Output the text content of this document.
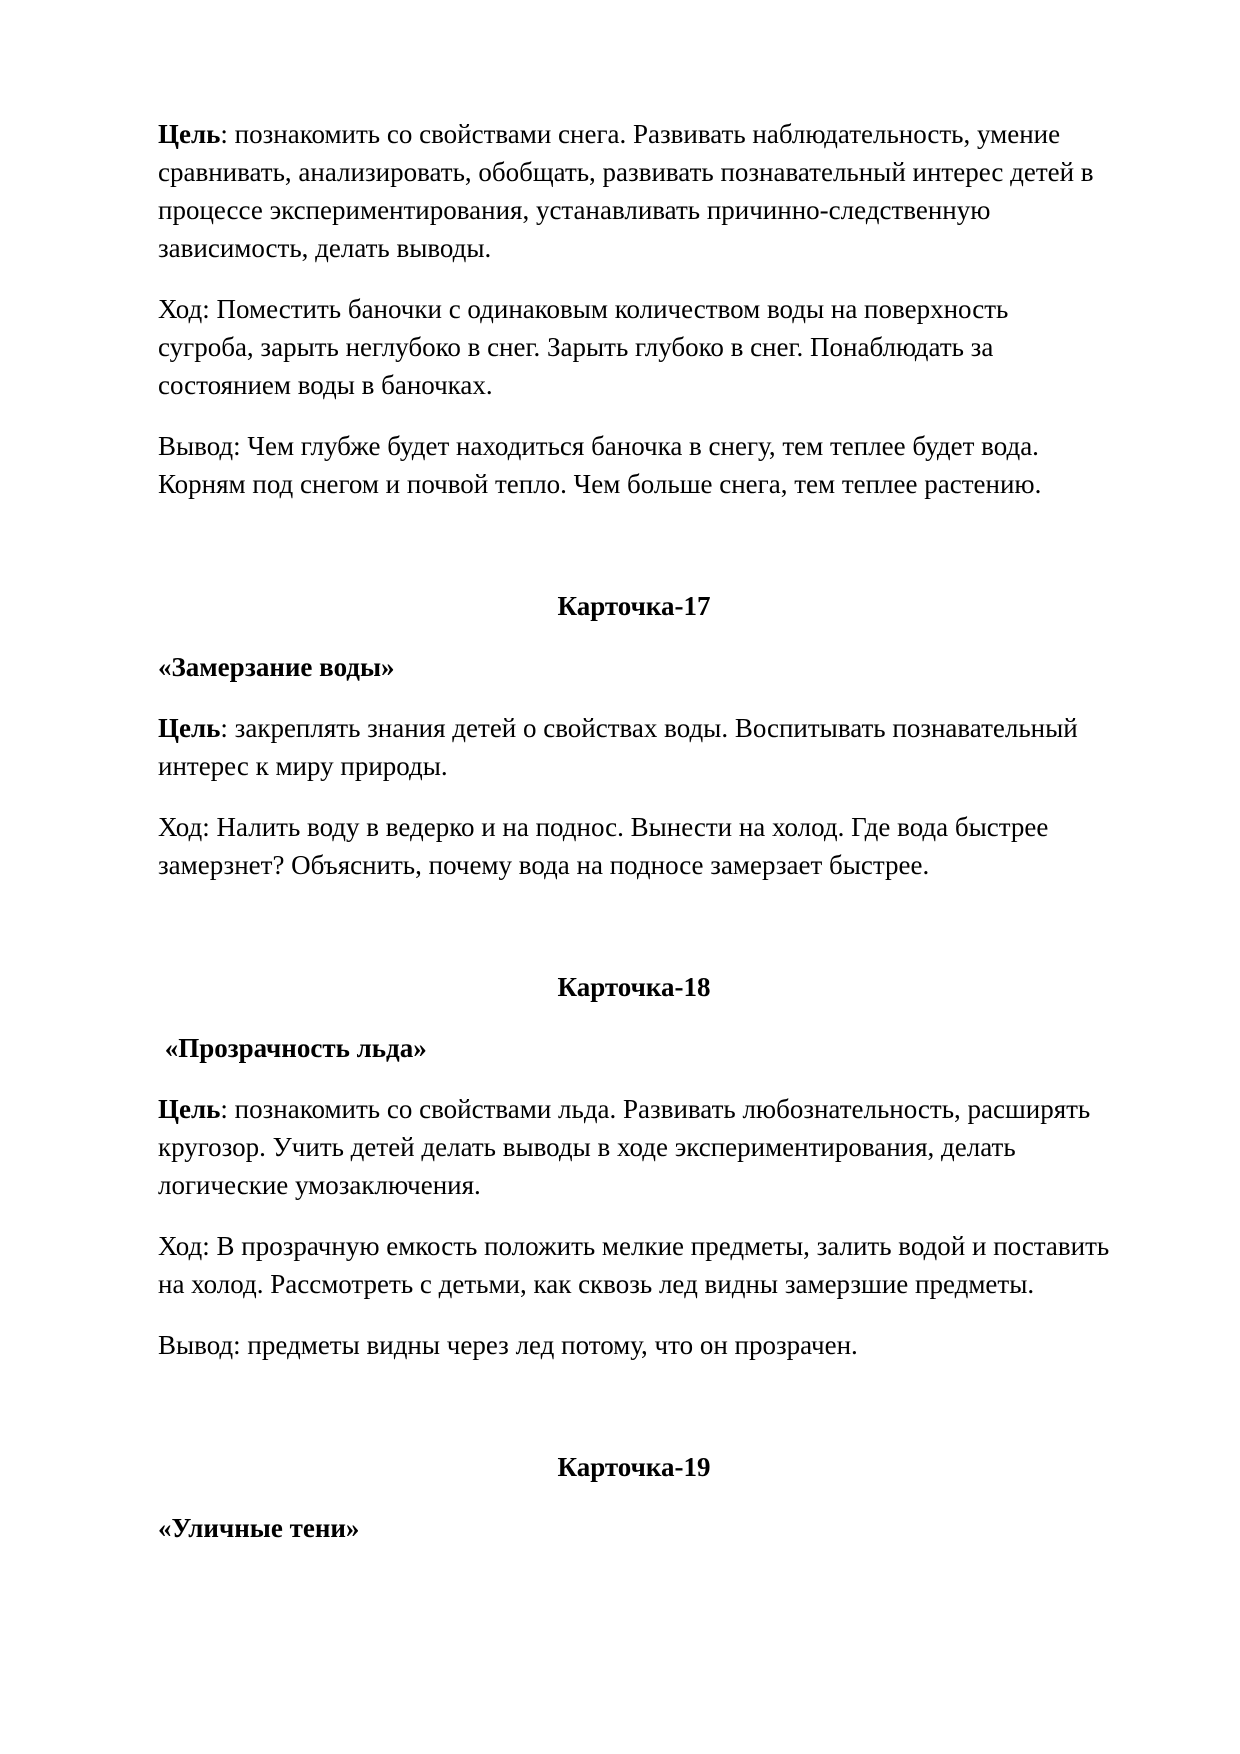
Цель: познакомить со свойствами снега. Развивать наблюдательность, умение   сравнивать, анализировать, обобщать, развивать познавательный интерес детей в процессе экспериментирования, устанавливать причинно-следственную зависимость, делать выводы.

Ход: Поместить баночки с одинаковым количеством воды на поверхность сугроба, зарыть неглубоко в снег. Зарыть глубоко в снег. Понаблюдать за состоянием воды в баночках.

Вывод: Чем глубже будет находиться баночка в снегу, тем теплее будет вода. Корням под снегом и почвой тепло. Чем больше снега, тем теплее растению.

Карточка-17

«Замерзание воды»

Цель: закреплять знания детей о свойствах воды. Воспитывать познавательный интерес к миру природы.

Ход: Налить воду в ведерко и на поднос. Вынести на холод. Где вода быстрее замерзнет? Объяснить, почему вода на подносе замерзает быстрее.

Карточка-18

«Прозрачность льда»

Цель: познакомить со свойствами льда. Развивать любознательность, расширять  кругозор. Учить детей делать выводы в ходе экспериментирования, делать логические умозаключения.

Ход: В прозрачную емкость положить мелкие предметы, залить водой и поставить на холод. Рассмотреть с детьми, как сквозь лед видны замерзшие предметы.

Вывод: предметы видны через лед потому, что он прозрачен.

Карточка-19

«Уличные тени»
